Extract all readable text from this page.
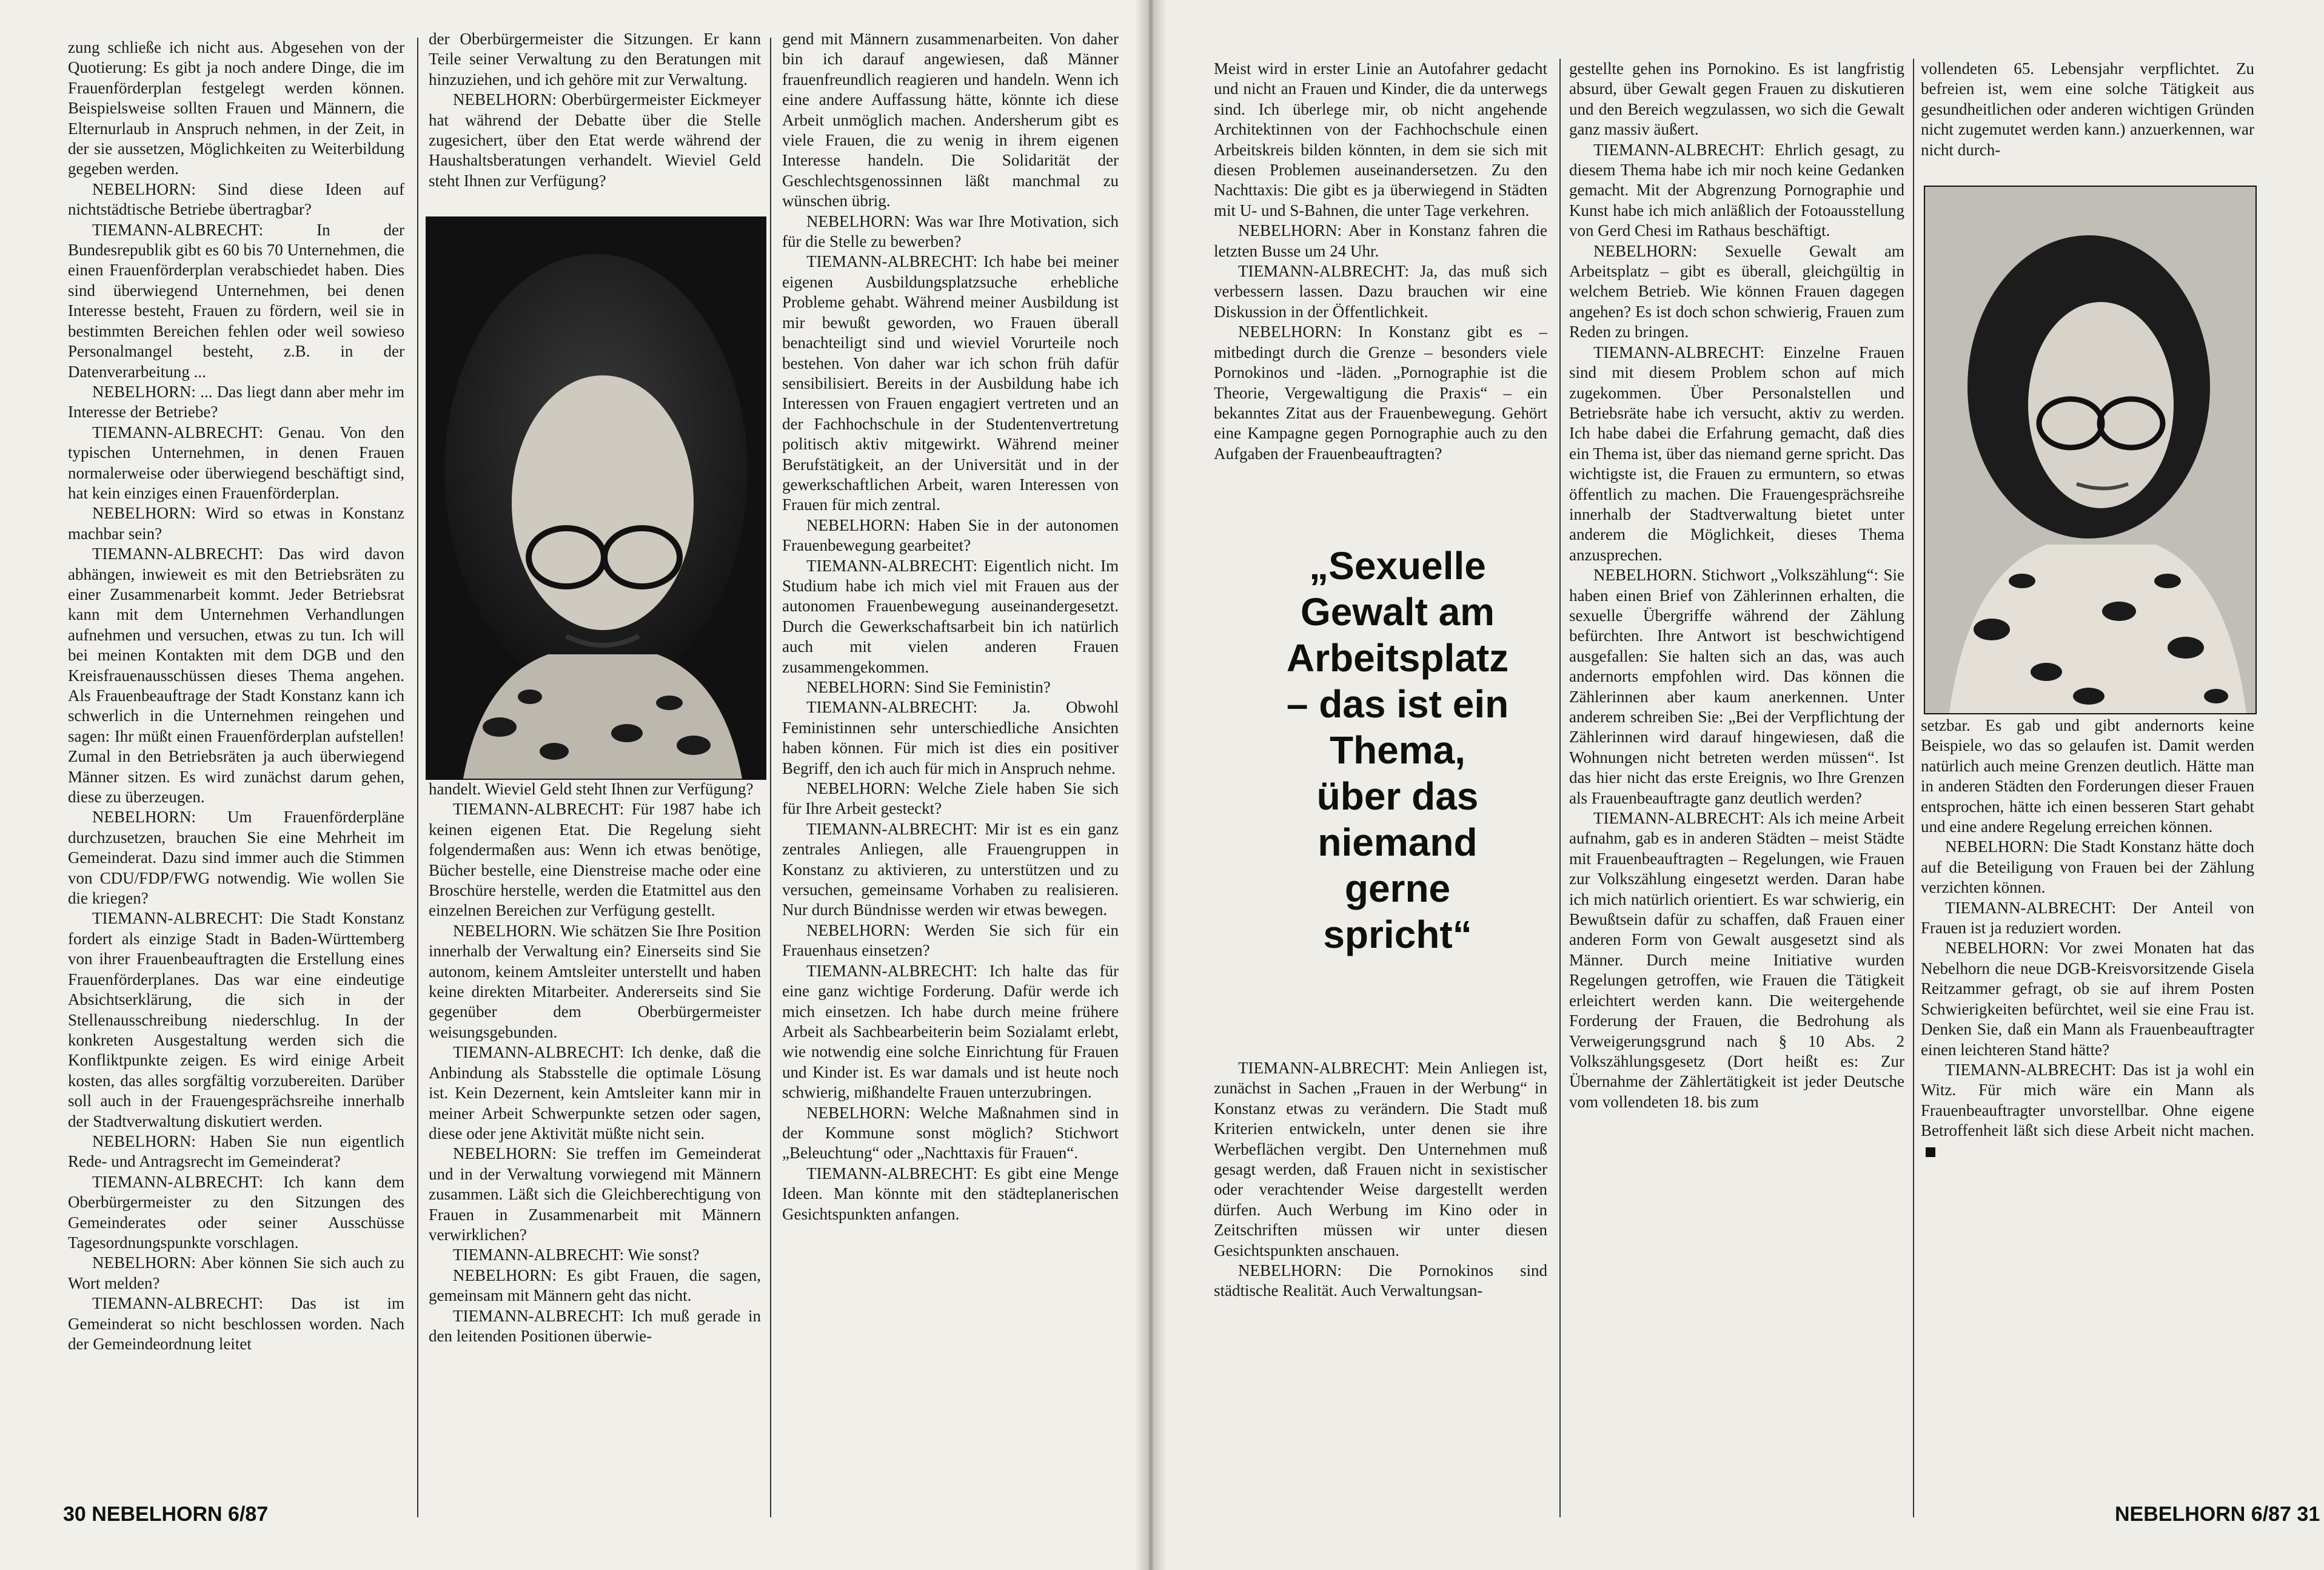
zung schließe ich nicht aus. Abgesehen von der Quotierung: Es gibt ja noch andere Dinge, die im Frauenförderplan festgelegt werden können. Beispielsweise sollten Frauen und Männern, die Elternurlaub in Anspruch nehmen, in der Zeit, in der sie aussetzen, Möglichkeiten zu Weiterbildung gegeben werden.

NEBELHORN: Sind diese Ideen auf nichtstädtische Betriebe übertragbar?

TIEMANN-ALBRECHT: In der Bundesrepublik gibt es 60 bis 70 Unternehmen, die einen Frauenförderplan verabschiedet haben. Dies sind überwiegend Unternehmen, bei denen Interesse besteht, Frauen zu fördern, weil sie in bestimmten Bereichen fehlen oder weil sowieso Personalmangel besteht, z.B. in der Datenverarbeitung ...

NEBELHORN: ... Das liegt dann aber mehr im Interesse der Betriebe?

TIEMANN-ALBRECHT: Genau. Von den typischen Unternehmen, in denen Frauen normalerweise oder überwiegend beschäftigt sind, hat kein einziges einen Frauenförderplan.

NEBELHORN: Wird so etwas in Konstanz machbar sein?

TIEMANN-ALBRECHT: Das wird davon abhängen, inwieweit es mit den Betriebsräten zu einer Zusammenarbeit kommt. Jeder Betriebsrat kann mit dem Unternehmen Verhandlungen aufnehmen und versuchen, etwas zu tun. Ich will bei meinen Kontakten mit dem DGB und den Kreisfrauenausschüssen dieses Thema angehen. Als Frauenbeauftrage der Stadt Konstanz kann ich schwerlich in die Unternehmen reingehen und sagen: Ihr müßt einen Frauenförderplan aufstellen! Zumal in den Betriebsräten ja auch überwiegend Männer sitzen. Es wird zunächst darum gehen, diese zu überzeugen.

NEBELHORN: Um Frauenförderpläne durchzusetzen, brauchen Sie eine Mehrheit im Gemeinderat. Dazu sind immer auch die Stimmen von CDU/FDP/FWG notwendig. Wie wollen Sie die kriegen?

TIEMANN-ALBRECHT: Die Stadt Konstanz fordert als einzige Stadt in Baden-Württemberg von ihrer Frauenbeauftragten die Erstellung eines Frauenförderplanes. Das war eine eindeutige Absichtserklärung, die sich in der Stellenausschreibung niederschlug. In der konkreten Ausgestaltung werden sich die Konfliktpunkte zeigen. Es wird einige Arbeit kosten, das alles sorgfältig vorzubereiten. Darüber soll auch in der Frauengesprächsreihe innerhalb der Stadtverwaltung diskutiert werden.

NEBELHORN: Haben Sie nun eigentlich Rede- und Antragsrecht im Gemeinderat?

TIEMANN-ALBRECHT: Ich kann dem Oberbürgermeister zu den Sitzungen des Gemeinderates oder seiner Ausschüsse Tagesordnungspunkte vorschlagen.

NEBELHORN: Aber können Sie sich auch zu Wort melden?

TIEMANN-ALBRECHT: Das ist im Gemeinderat so nicht beschlossen worden. Nach der Gemeindeordnung leitet

der Oberbürgermeister die Sitzungen. Er kann Teile seiner Verwaltung zu den Beratungen mit hinzuziehen, und ich gehöre mit zur Verwaltung.

NEBELHORN: Oberbürgermeister Eickmeyer hat während der Debatte über die Stelle zugesichert, über den Etat werde während der Haushaltsberatungen verhandelt. Wieviel Geld steht Ihnen zur Verfügung?

handelt. Wieviel Geld steht Ihnen zur Verfügung?

TIEMANN-ALBRECHT: Für 1987 habe ich keinen eigenen Etat. Die Regelung sieht folgendermaßen aus: Wenn ich etwas benötige, Bücher bestelle, eine Dienstreise mache oder eine Broschüre herstelle, werden die Etatmittel aus den einzelnen Bereichen zur Verfügung gestellt.

NEBELHORN. Wie schätzen Sie Ihre Position innerhalb der Verwaltung ein? Einerseits sind Sie autonom, keinem Amtsleiter unterstellt und haben keine direkten Mitarbeiter. Andererseits sind Sie gegenüber dem Oberbürgermeister weisungsgebunden.

TIEMANN-ALBRECHT: Ich denke, daß die Anbindung als Stabsstelle die optimale Lösung ist. Kein Dezernent, kein Amtsleiter kann mir in meiner Arbeit Schwerpunkte setzen oder sagen, diese oder jene Aktivität müßte nicht sein.

NEBELHORN: Sie treffen im Gemeinderat und in der Verwaltung vorwiegend mit Männern zusammen. Läßt sich die Gleichberechtigung von Frauen in Zusammenarbeit mit Männern verwirklichen?

TIEMANN-ALBRECHT: Wie sonst?

NEBELHORN: Es gibt Frauen, die sagen, gemeinsam mit Männern geht das nicht.

TIEMANN-ALBRECHT: Ich muß gerade in den leitenden Positionen überwie-

gend mit Männern zusammenarbeiten. Von daher bin ich darauf angewiesen, daß Männer frauenfreundlich reagieren und handeln. Wenn ich eine andere Auffassung hätte, könnte ich diese Arbeit unmöglich machen. Andersherum gibt es viele Frauen, die zu wenig in ihrem eigenen Interesse handeln. Die Solidarität der Geschlechtsgenossinnen läßt manchmal zu wünschen übrig.

NEBELHORN: Was war Ihre Motivation, sich für die Stelle zu bewerben?

TIEMANN-ALBRECHT: Ich habe bei meiner eigenen Ausbildungsplatzsuche erhebliche Probleme gehabt. Während meiner Ausbildung ist mir bewußt geworden, wo Frauen überall benachteiligt sind und wieviel Vorurteile noch bestehen. Von daher war ich schon früh dafür sensibilisiert. Bereits in der Ausbildung habe ich Interessen von Frauen engagiert vertreten und an der Fachhochschule in der Studentenvertretung politisch aktiv mitgewirkt. Während meiner Berufstätigkeit, an der Universität und in der gewerkschaftlichen Arbeit, waren Interessen von Frauen für mich zentral.

NEBELHORN: Haben Sie in der autonomen Frauenbewegung gearbeitet?

TIEMANN-ALBRECHT: Eigentlich nicht. Im Studium habe ich mich viel mit Frauen aus der autonomen Frauenbewegung auseinandergesetzt. Durch die Gewerkschaftsarbeit bin ich natürlich auch mit vielen anderen Frauen zusammengekommen.

NEBELHORN: Sind Sie Feministin?

TIEMANN-ALBRECHT: Ja. Obwohl Feministinnen sehr unterschiedliche Ansichten haben können. Für mich ist dies ein positiver Begriff, den ich auch für mich in Anspruch nehme.

NEBELHORN: Welche Ziele haben Sie sich für Ihre Arbeit gesteckt?

TIEMANN-ALBRECHT: Mir ist es ein ganz zentrales Anliegen, alle Frauengruppen in Konstanz zu aktivieren, zu unterstützen und zu versuchen, gemeinsame Vorhaben zu realisieren. Nur durch Bündnisse werden wir etwas bewegen.

NEBELHORN: Werden Sie sich für ein Frauenhaus einsetzen?

TIEMANN-ALBRECHT: Ich halte das für eine ganz wichtige Forderung. Dafür werde ich mich einsetzen. Ich habe durch meine frühere Arbeit als Sachbearbeiterin beim Sozialamt erlebt, wie notwendig eine solche Einrichtung für Frauen und Kinder ist. Es war damals und ist heute noch schwierig, mißhandelte Frauen unterzubringen.

NEBELHORN: Welche Maßnahmen sind in der Kommune sonst möglich? Stichwort „Beleuchtung“ oder „Nachttaxis für Frauen“.

TIEMANN-ALBRECHT: Es gibt eine Menge Ideen. Man könnte mit den städteplanerischen Gesichtspunkten anfangen.

30 NEBELHORN 6/87

Meist wird in erster Linie an Autofahrer gedacht und nicht an Frauen und Kinder, die da unterwegs sind. Ich überlege mir, ob nicht angehende Architektinnen von der Fachhochschule einen Arbeitskreis bilden könnten, in dem sie sich mit diesen Problemen auseinandersetzen. Zu den Nachttaxis: Die gibt es ja überwiegend in Städten mit U- und S-Bahnen, die unter Tage verkehren.

NEBELHORN: Aber in Konstanz fahren die letzten Busse um 24 Uhr.

TIEMANN-ALBRECHT: Ja, das muß sich verbessern lassen. Dazu brauchen wir eine Diskussion in der Öffentlichkeit.

NEBELHORN: In Konstanz gibt es – mitbedingt durch die Grenze – besonders viele Pornokinos und -läden. „Pornographie ist die Theorie, Vergewaltigung die Praxis“ – ein bekanntes Zitat aus der Frauenbewegung. Gehört eine Kampagne gegen Pornographie auch zu den Aufgaben der Frauenbeauftragten?

„Sexuelle
Gewalt am
Arbeitsplatz
– das ist ein
Thema,
über das
niemand
gerne
spricht“

TIEMANN-ALBRECHT: Mein Anliegen ist, zunächst in Sachen „Frauen in der Werbung“ in Konstanz etwas zu verändern. Die Stadt muß Kriterien entwickeln, unter denen sie ihre Werbeflächen vergibt. Den Unternehmen muß gesagt werden, daß Frauen nicht in sexistischer oder verachtender Weise dargestellt werden dürfen. Auch Werbung im Kino oder in Zeitschriften müssen wir unter diesen Gesichtspunkten anschauen.

NEBELHORN: Die Pornokinos sind städtische Realität. Auch Verwaltungsan-

gestellte gehen ins Pornokino. Es ist langfristig absurd, über Gewalt gegen Frauen zu diskutieren und den Bereich wegzulassen, wo sich die Gewalt ganz massiv äußert.

TIEMANN-ALBRECHT: Ehrlich gesagt, zu diesem Thema habe ich mir noch keine Gedanken gemacht. Mit der Abgrenzung Pornographie und Kunst habe ich mich anläßlich der Fotoausstellung von Gerd Chesi im Rathaus beschäftigt.

NEBELHORN: Sexuelle Gewalt am Arbeitsplatz – gibt es überall, gleichgültig in welchem Betrieb. Wie können Frauen dagegen angehen? Es ist doch schon schwierig, Frauen zum Reden zu bringen.

TIEMANN-ALBRECHT: Einzelne Frauen sind mit diesem Problem schon auf mich zugekommen. Über Personalstellen und Betriebsräte habe ich versucht, aktiv zu werden. Ich habe dabei die Erfahrung gemacht, daß dies ein Thema ist, über das niemand gerne spricht. Das wichtigste ist, die Frauen zu ermuntern, so etwas öffentlich zu machen. Die Frauengesprächsreihe innerhalb der Stadtverwaltung bietet unter anderem die Möglichkeit, dieses Thema anzusprechen.

NEBELHORN. Stichwort „Volkszählung“: Sie haben einen Brief von Zählerinnen erhalten, die sexuelle Übergriffe während der Zählung befürchten. Ihre Antwort ist beschwichtigend ausgefallen: Sie halten sich an das, was auch andernorts empfohlen wird. Das können die Zählerinnen aber kaum anerkennen. Unter anderem schreiben Sie: „Bei der Verpflichtung der Zählerinnen wird darauf hingewiesen, daß die Wohnungen nicht betreten werden müssen“. Ist das hier nicht das erste Ereignis, wo Ihre Grenzen als Frauenbeauftragte ganz deutlich werden?

TIEMANN-ALBRECHT: Als ich meine Arbeit aufnahm, gab es in anderen Städten – meist Städte mit Frauenbeauftragten – Regelungen, wie Frauen zur Volkszählung eingesetzt werden. Daran habe ich mich natürlich orientiert. Es war schwierig, ein Bewußtsein dafür zu schaffen, daß Frauen einer anderen Form von Gewalt ausgesetzt sind als Männer. Durch meine Initiative wurden Regelungen getroffen, wie Frauen die Tätigkeit erleichtert werden kann. Die weitergehende Forderung der Frauen, die Bedrohung als Verweigerungsgrund nach § 10 Abs. 2 Volkszählungsgesetz (Dort heißt es: Zur Übernahme der Zählertätigkeit ist jeder Deutsche vom vollendeten 18. bis zum

vollendeten 65. Lebensjahr verpflichtet. Zu befreien ist, wem eine solche Tätigkeit aus gesundheitlichen oder anderen wichtigen Gründen nicht zugemutet werden kann.) anzuerkennen, war nicht durch-

setzbar. Es gab und gibt andernorts keine Beispiele, wo das so gelaufen ist. Damit werden natürlich auch meine Grenzen deutlich. Hätte man in anderen Städten den Forderungen dieser Frauen entsprochen, hätte ich einen besseren Start gehabt und eine andere Regelung erreichen können.

NEBELHORN: Die Stadt Konstanz hätte doch auf die Beteiligung von Frauen bei der Zählung verzichten können.

TIEMANN-ALBRECHT: Der Anteil von Frauen ist ja reduziert worden.

NEBELHORN: Vor zwei Monaten hat das Nebelhorn die neue DGB-Kreisvorsitzende Gisela Reitzammer gefragt, ob sie auf ihrem Posten Schwierigkeiten befürchtet, weil sie eine Frau ist. Denken Sie, daß ein Mann als Frauenbeauftragter einen leichteren Stand hätte?

TIEMANN-ALBRECHT: Das ist ja wohl ein Witz. Für mich wäre ein Mann als Frauenbeauftragter unvorstellbar. Ohne eigene Betroffenheit läßt sich diese Arbeit nicht machen.

NEBELHORN 6/87 31
